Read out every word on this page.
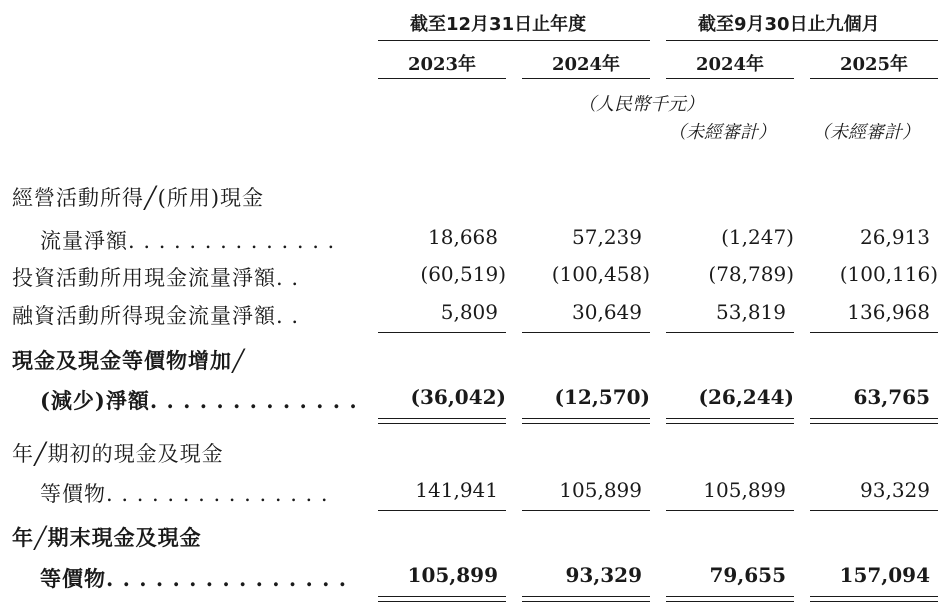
截至12月31日止年度	截至9月30日止九個月
2023年	2024年	2024年	2025年
（人民幣千元）
（未經審計） （未經審計）
經營活動所得╱(所用)現金
流量淨額. . . . . . . . . . . . . .	18,668	57,239	(1,247)	26,913
投資活動所用現金流量淨額. .	(60,519)	(100,458)	(78,789)	(100,116)
融資活動所得現金流量淨額. .	5,809	30,649	53,819	136,968
現金及現金等價物增加╱
(減少)淨額. . . . . . . . . . . . .	(36,042)	(12,570)	(26,244)	63,765
年╱期初的現金及現金
等價物. . . . . . . . . . . . . . .	141,941	105,899	105,899	93,329
年╱期末現金及現金
等價物. . . . . . . . . . . . . . .	105,899	93,329	79,655	157,094
